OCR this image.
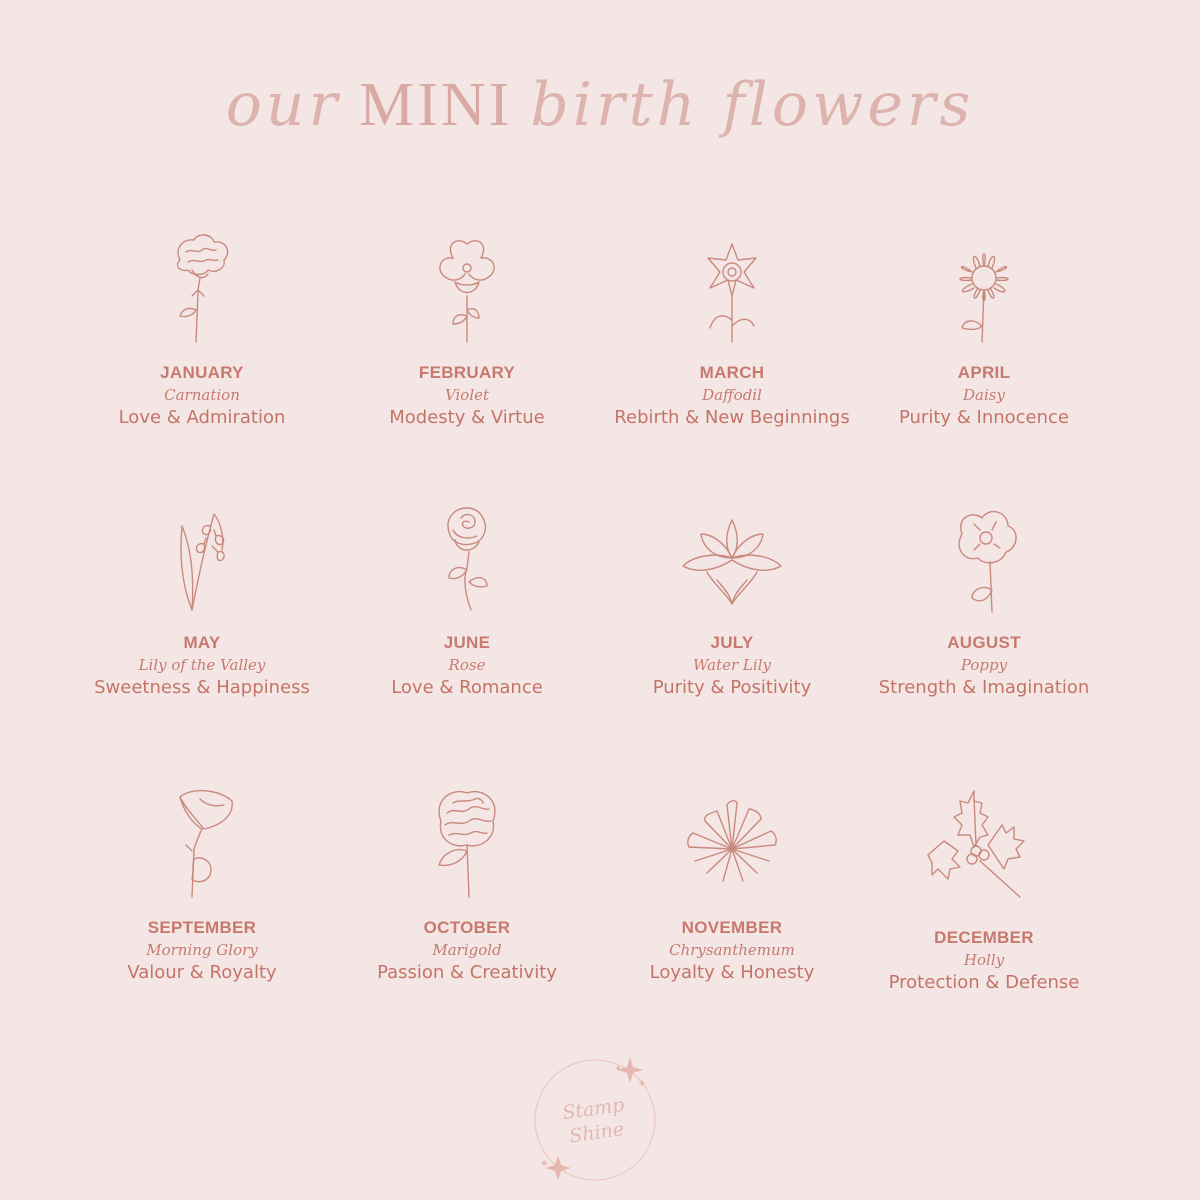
our MINI birth flowers
JANUARY
Carnation
Love & Admiration
FEBRUARY
Violet
Modesty & Virtue
MARCH
Daffodil
Rebirth & New Beginnings
APRIL
Daisy
Purity & Innocence
MAY
Lily of the Valley
Sweetness & Happiness
JUNE
Rose
Love & Romance
JULY
Water Lily
Purity & Positivity
AUGUST
Poppy
Strength & Imagination
SEPTEMBER
Morning Glory
Valour & Royalty
OCTOBER
Marigold
Passion & Creativity
NOVEMBER
Chrysanthemum
Loyalty & Honesty
DECEMBER
Holly
Protection & Defense
Stamp
Shine
